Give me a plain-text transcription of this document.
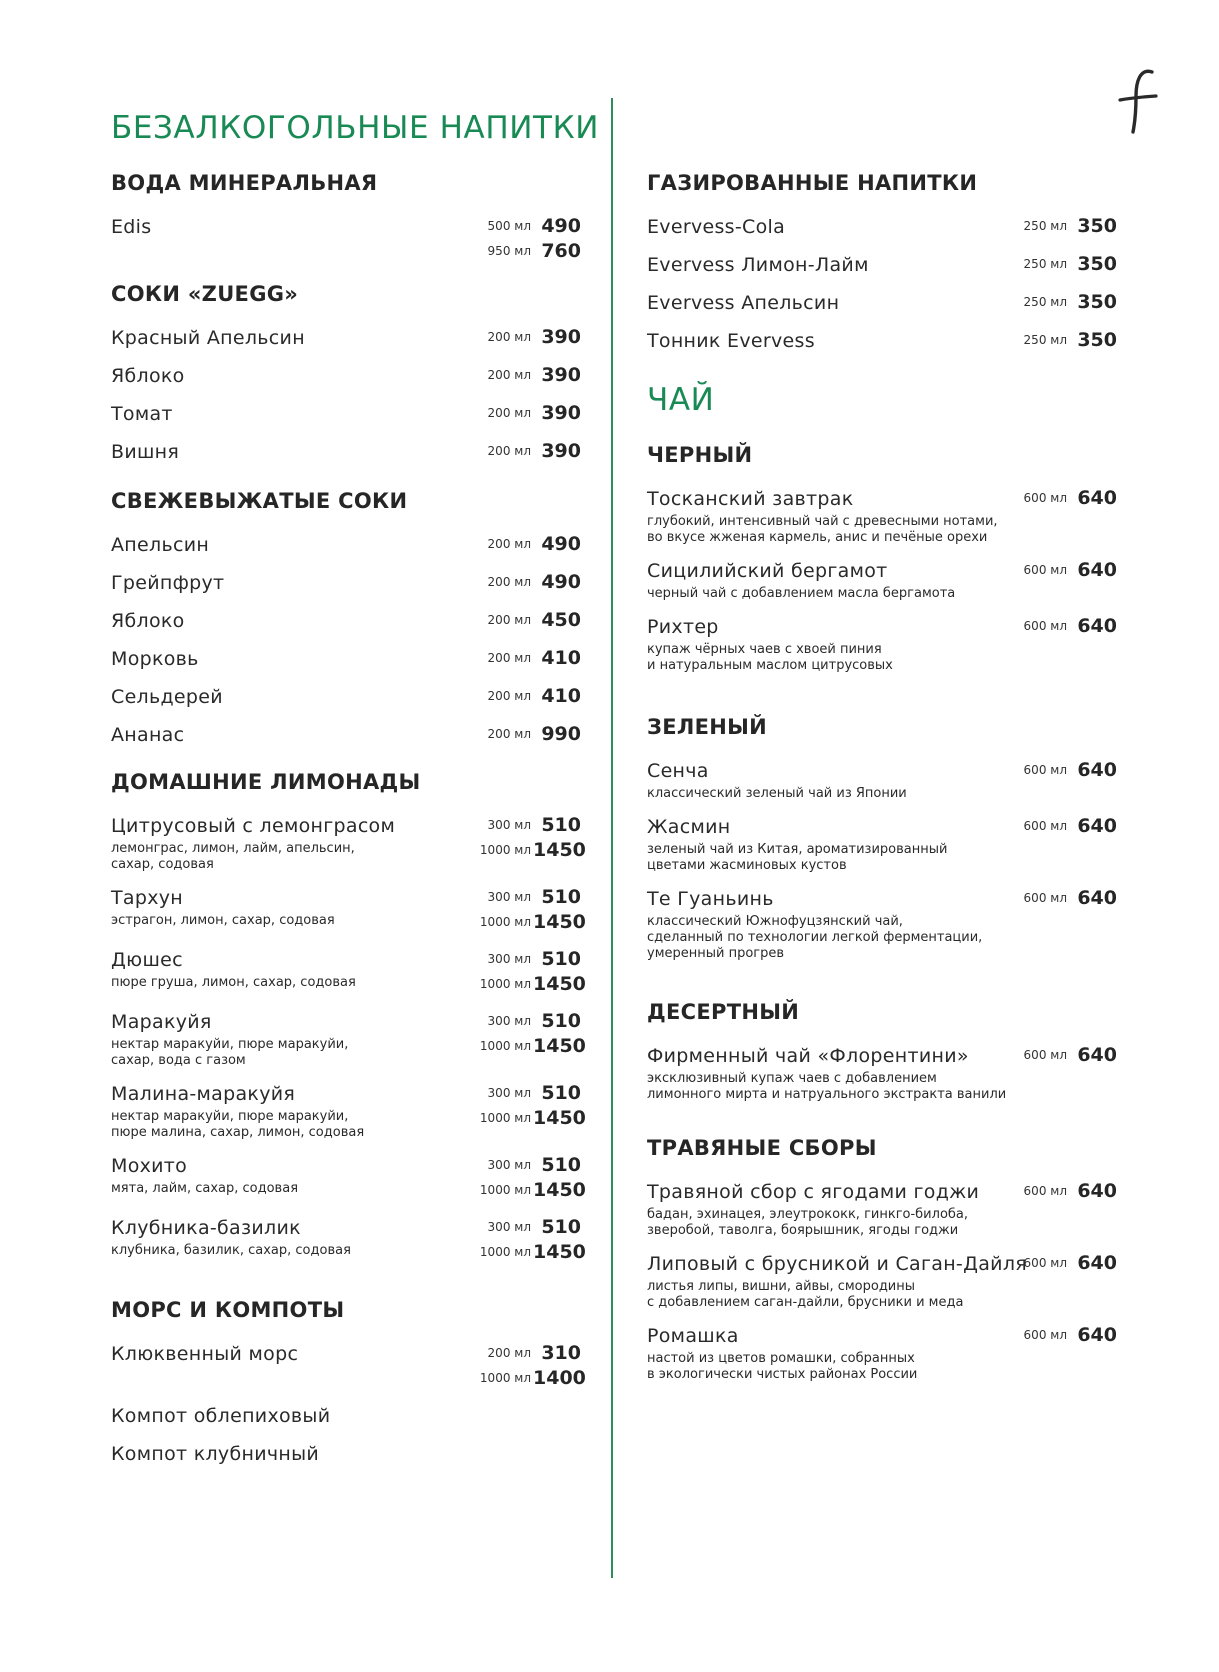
БЕЗАЛКОГОЛЬНЫЕ НАПИТКИ
ВОДА МИНЕРАЛЬНАЯ
Edis	500 мл 490
950 мл 760
СОКИ «ZUEGG»
Красный Апельсин	200 мл 390
Яблоко	200 мл 390
Томат	200 мл 390
Вишня	200 мл 390
СВЕЖЕВЫЖАТЫЕ СОКИ
Апельсин	200 мл 490
Грейпфрут	200 мл 490
Яблоко	200 мл 450
Морковь	200 мл 410
Сельдерей	200 мл 410
Ананас	200 мл 990
ДОМАШНИЕ ЛИМОНАДЫ
Цитрусовый с лемонграсом
лемонграс, лимон, лайм, апельсин,
сахар, содовая
300 мл 510
1000 мл 1450
Тархун
эстрагон, лимон, сахар, содовая
300 мл 510
1000 мл 1450
Дюшес
пюре груша, лимон, сахар, содовая
300 мл 510
1000 мл 1450
Маракуйя
нектар маракуйи, пюре маракуйи,
сахар, вода с газом
300 мл 510
1000 мл 1450
Малина-маракуйя
нектар маракуйи, пюре маракуйи,
пюре малина, сахар, лимон, содовая
300 мл 510
1000 мл 1450
Мохито
мята, лайм, сахар, содовая
300 мл 510
1000 мл 1450
Клубника-базилик
клубника, базилик, сахар, содовая
300 мл 510
1000 мл 1450
МОРС И КОМПОТЫ
Клюквенный морс	200 мл 310
1000 мл 1400
Компот облепиховый
Компот клубничный
ГАЗИРОВАННЫЕ НАПИТКИ
Evervess-Cola	250 мл 350
Evervess Лимон-Лайм	250 мл 350
Evervess Апельсин	250 мл 350
Тонник Evervess	250 мл 350
ЧАЙ
ЧЕРНЫЙ
Тосканский завтрак
глубокий, интенсивный чай с древесными нотами,
во вкусе жженая кармель, анис и печёные орехи
600 мл 640
Сицилийский бергамот
черный чай с добавлением масла бергамота
600 мл 640
Рихтер
купаж чёрных чаев с хвоей пиния
и натуральным маслом цитрусовых
600 мл 640
ЗЕЛЕНЫЙ
Сенча
классический зеленый чай из Японии
600 мл 640
Жасмин
зеленый чай из Китая, ароматизированный
цветами жасминовых кустов
600 мл 640
Те Гуаньинь
классический Южнофуцзянский чай,
сделанный по технологии легкой ферментации,
умеренный прогрев
600 мл 640
ДЕСЕРТНЫЙ
Фирменный чай «Флорентини»
эксклюзивный купаж чаев с добавлением
лимонного мирта и натруального экстракта ванили
600 мл 640
ТРАВЯНЫЕ СБОРЫ
Травяной сбор с ягодами годжи
бадан, эхинацея, элеутрококк, гинкго-билоба,
зверобой, таволга, боярышник, ягоды годжи
600 мл 640
Липовый с брусникой и Саган-Дайля
листья липы, вишни, айвы, смородины
с добавлением саган-дайли, брусники и меда
600 мл 640
Ромашка
настой из цветов ромашки, собранных
в экологически чистых районах России
600 мл 640
